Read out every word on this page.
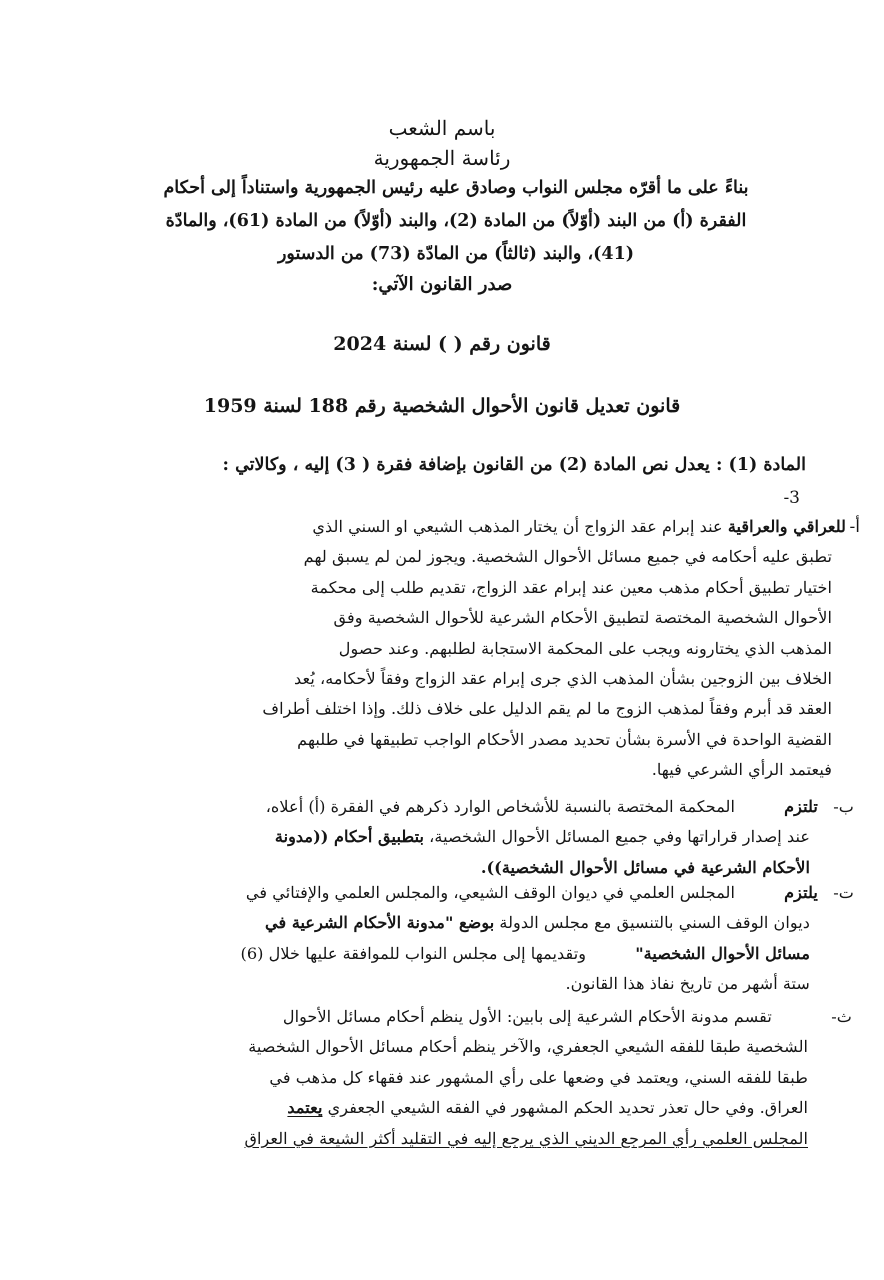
باسم الشعب
رئاسة الجمهورية
بناءً على ما أقرّه مجلس النواب وصادق عليه رئيس الجمهورية واستناداً إلى أحكام
الفقرة (أ) من البند (أوّلاً) من المادة (2)، والبند (أوّلاً) من المادة (61)، والمادّة
(41)، والبند (ثالثاً) من المادّة (73) من الدستور
صدر القانون الآتي:
قانون رقم ( ) لسنة 2024
قانون تعديل قانون الأحوال الشخصية رقم 188 لسنة 1959
المادة (1) : يعدل نص المادة (2) من القانون بإضافة فقرة ( 3) إليه ، وكالاتي :
-3
أ-
للعراقي والعراقية عند إبرام عقد الزواج أن يختار المذهب الشيعي او السني الذي
تطبق عليه أحكامه في جميع مسائل الأحوال الشخصية. ويجوز لمن لم يسبق لهم
اختيار تطبيق أحكام مذهب معين عند إبرام عقد الزواج، تقديم طلب إلى محكمة
الأحوال الشخصية المختصة لتطبيق الأحكام الشرعية للأحوال الشخصية وفق
المذهب الذي يختارونه ويجب على المحكمة الاستجابة لطلبهم. وعند حصول
الخلاف بين الزوجين بشأن المذهب الذي جرى إبرام عقد الزواج وفقاً لأحكامه، يُعد
العقد قد أبرم وفقاً لمذهب الزوج ما لم يقم الدليل على خلاف ذلك. وإذا اختلف أطراف
القضية الواحدة في الأسرة بشأن تحديد مصدر الأحكام الواجب تطبيقها في طلبهم
فيعتمد الرأي الشرعي فيها.
ب-   تلتزم المحكمة المختصة بالنسبة للأشخاص الوارد ذكرهم في الفقرة (أ) أعلاه،
عند إصدار قراراتها وفي جميع المسائل الأحوال الشخصية، بتطبيق أحكام ((مدونة
الأحكام الشرعية في مسائل الأحوال الشخصية)).
ت-   يلتزم المجلس العلمي في ديوان الوقف الشيعي، والمجلس العلمي والإفتائي في
ديوان الوقف السني بالتنسيق مع مجلس الدولة بوضع "مدونة الأحكام الشرعية في
مسائل الأحوال الشخصية" وتقديمها إلى مجلس النواب للموافقة عليها خلال (6)
ستة أشهر من تاريخ نفاذ هذا القانون.
ث-   تقسم مدونة الأحكام الشرعية إلى بابين: الأول ينظم أحكام مسائل الأحوال
الشخصية طبقا للفقه الشيعي الجعفري، والآخر ينظم أحكام مسائل الأحوال الشخصية
طبقا للفقه السني، ويعتمد في وضعها على رأي المشهور عند فقهاء كل مذهب في
العراق. وفي حال تعذر تحديد الحكم المشهور في الفقه الشيعي الجعفري يعتمد
المجلس العلمي رأي المرجع الديني الذي يرجع إليه في التقليد أكثر الشيعة في العراق
